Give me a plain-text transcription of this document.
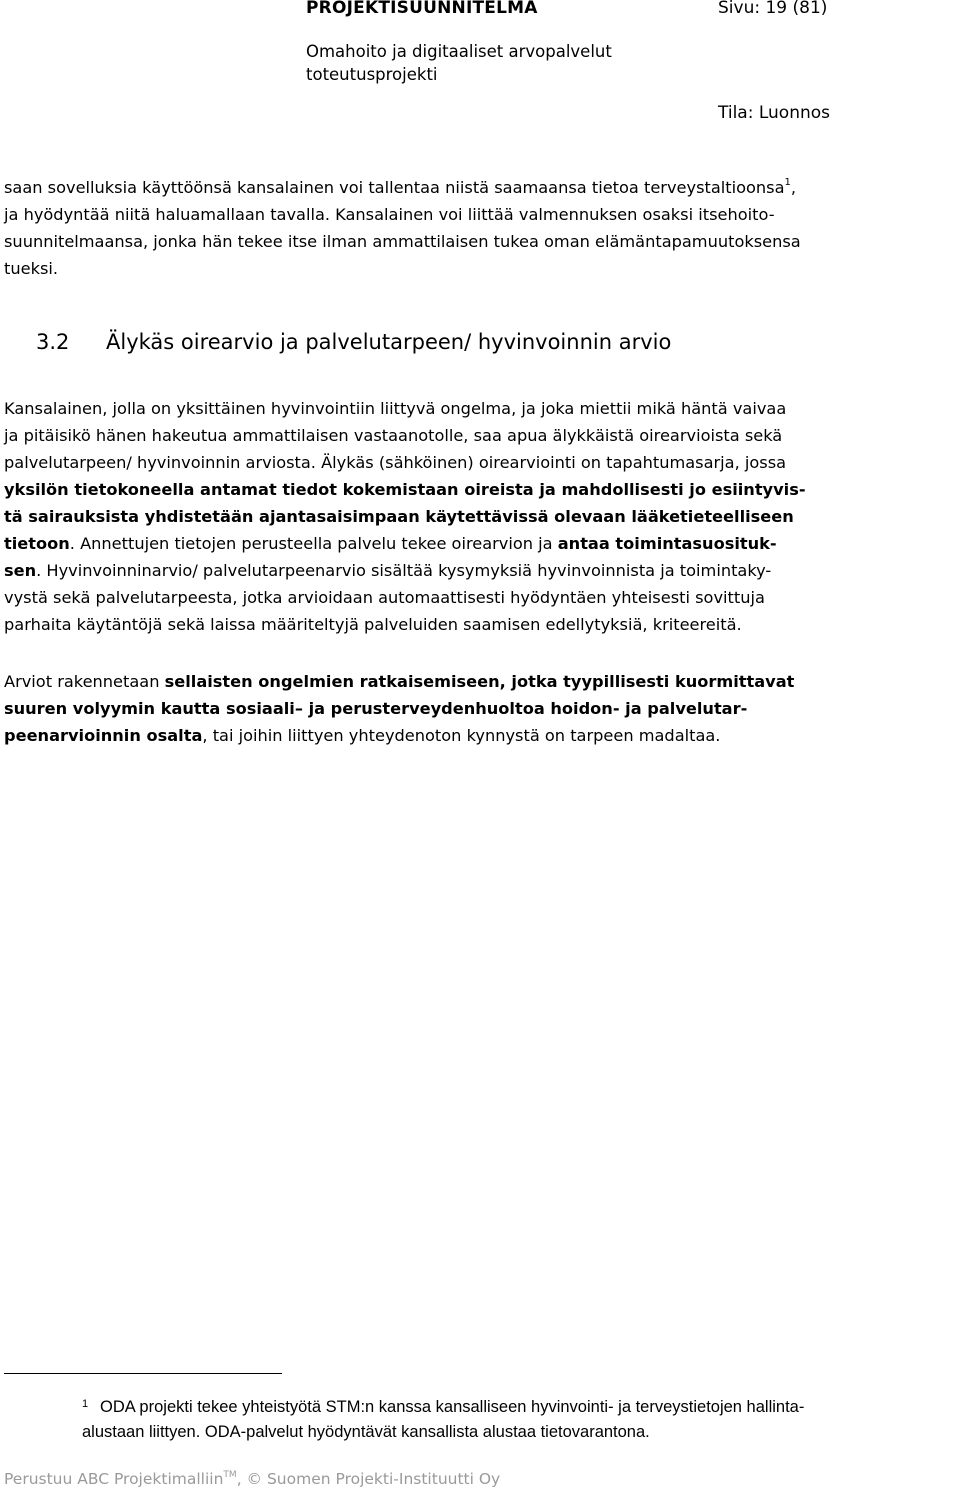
PROJEKTISUUNNITELMA	Sivu: 19 (81)
Omahoito ja digitaaliset arvopalvelut
toteutusprojekti
Tila: Luonnos
saan sovelluksia käyttöönsä kansalainen voi tallentaa niistä saamaansa tietoa terveystaltioonsa$^1$,
ja hyödyntää niitä haluamallaan tavalla. Kansalainen voi liittää valmennuksen osaksi itsehoito-
suunnitelmaansa, jonka hän tekee itse ilman ammattilaisen tukea oman elämäntapamuutoksensa
tueksi.
3.2 Älykäs oirearvio ja palvelutarpeen/ hyvinvoinnin arvio
Kansalainen, jolla on yksittäinen hyvinvointiin liittyvä ongelma, ja joka miettii mikä häntä vaivaa
ja pitäisikö hänen hakeutua ammattilaisen vastaanotolle, saa apua älykkäistä oirearvioista sekä
palvelutarpeen/ hyvinvoinnin arviosta. Älykäs (sähköinen) oirearviointi on tapahtumasarja, jossa
yksilön tietokoneella antamat tiedot kokemistaan oireista ja mahdollisesti jo esiintyvis-
tä sairauksista yhdistetään ajantasaisimpaan käytettävissä olevaan lääketieteelliseen
tietoon. Annettujen tietojen perusteella palvelu tekee oirearvion ja antaa toimintasuosituk-
sen. Hyvinvoinninarvio/ palvelutarpeenarvio sisältää kysymyksiä hyvinvoinnista ja toimintaky-
vystä sekä palvelutarpeesta, jotka arvioidaan automaattisesti hyödyntäen yhteisesti sovittuja
parhaita käytäntöjä sekä laissa määriteltyjä palveluiden saamisen edellytyksiä, kriteereitä.
Arviot rakennetaan sellaisten ongelmien ratkaisemiseen, jotka tyypillisesti kuormittavat
suuren volyymin kautta sosiaali– ja perusterveydenhuoltoa hoidon- ja palvelutar-
peenarvioinnin osalta, tai joihin liittyen yhteydenoton kynnystä on tarpeen madaltaa.
1 ODA projekti tekee yhteistyötä STM:n kanssa kansalliseen hyvinvointi- ja terveystietojen hallinta-
alustaan liittyen. ODA-palvelut hyödyntävät kansallista alustaa tietovarantona.
Perustuu ABC Projektimalliin™, © Suomen Projekti-Instituutti Oy
